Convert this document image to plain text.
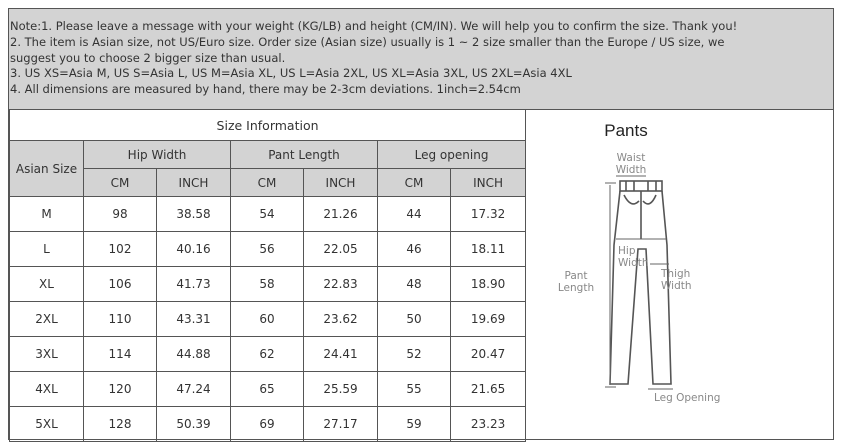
Note:1. Please leave a message with your weight (KG/LB) and height (CM/IN). We will help you to confirm the size. Thank you!
2. The item is Asian size, not US/Euro size. Order size (Asian size) usually is 1 ~ 2 size smaller than the Europe / US size, we
suggest you to choose 2 bigger size than usual.
3. US XS=Asia M, US S=Asia L, US M=Asia XL, US L=Asia 2XL, US XL=Asia 3XL, US 2XL=Asia 4XL
4. All dimensions are measured by hand, there may be 2-3cm deviations. 1inch=2.54cm
Size Information						
Asian Size	Hip Width		Pant Length		Leg opening	
	CM	INCH	CM	INCH	CM	INCH
M	98	38.58	54	21.26	44	17.32
L	102	40.16	56	22.05	46	18.11
XL	106	41.73	58	22.83	48	18.90
2XL	110	43.31	60	23.62	50	19.69
3XL	114	44.88	62	24.41	52	20.47
4XL	120	47.24	65	25.59	55	21.65
5XL	128	50.39	69	27.17	59	23.23
Pants
Waist
Width
Pant
Length
Hip
Width
Thigh
Width
Leg Opening
